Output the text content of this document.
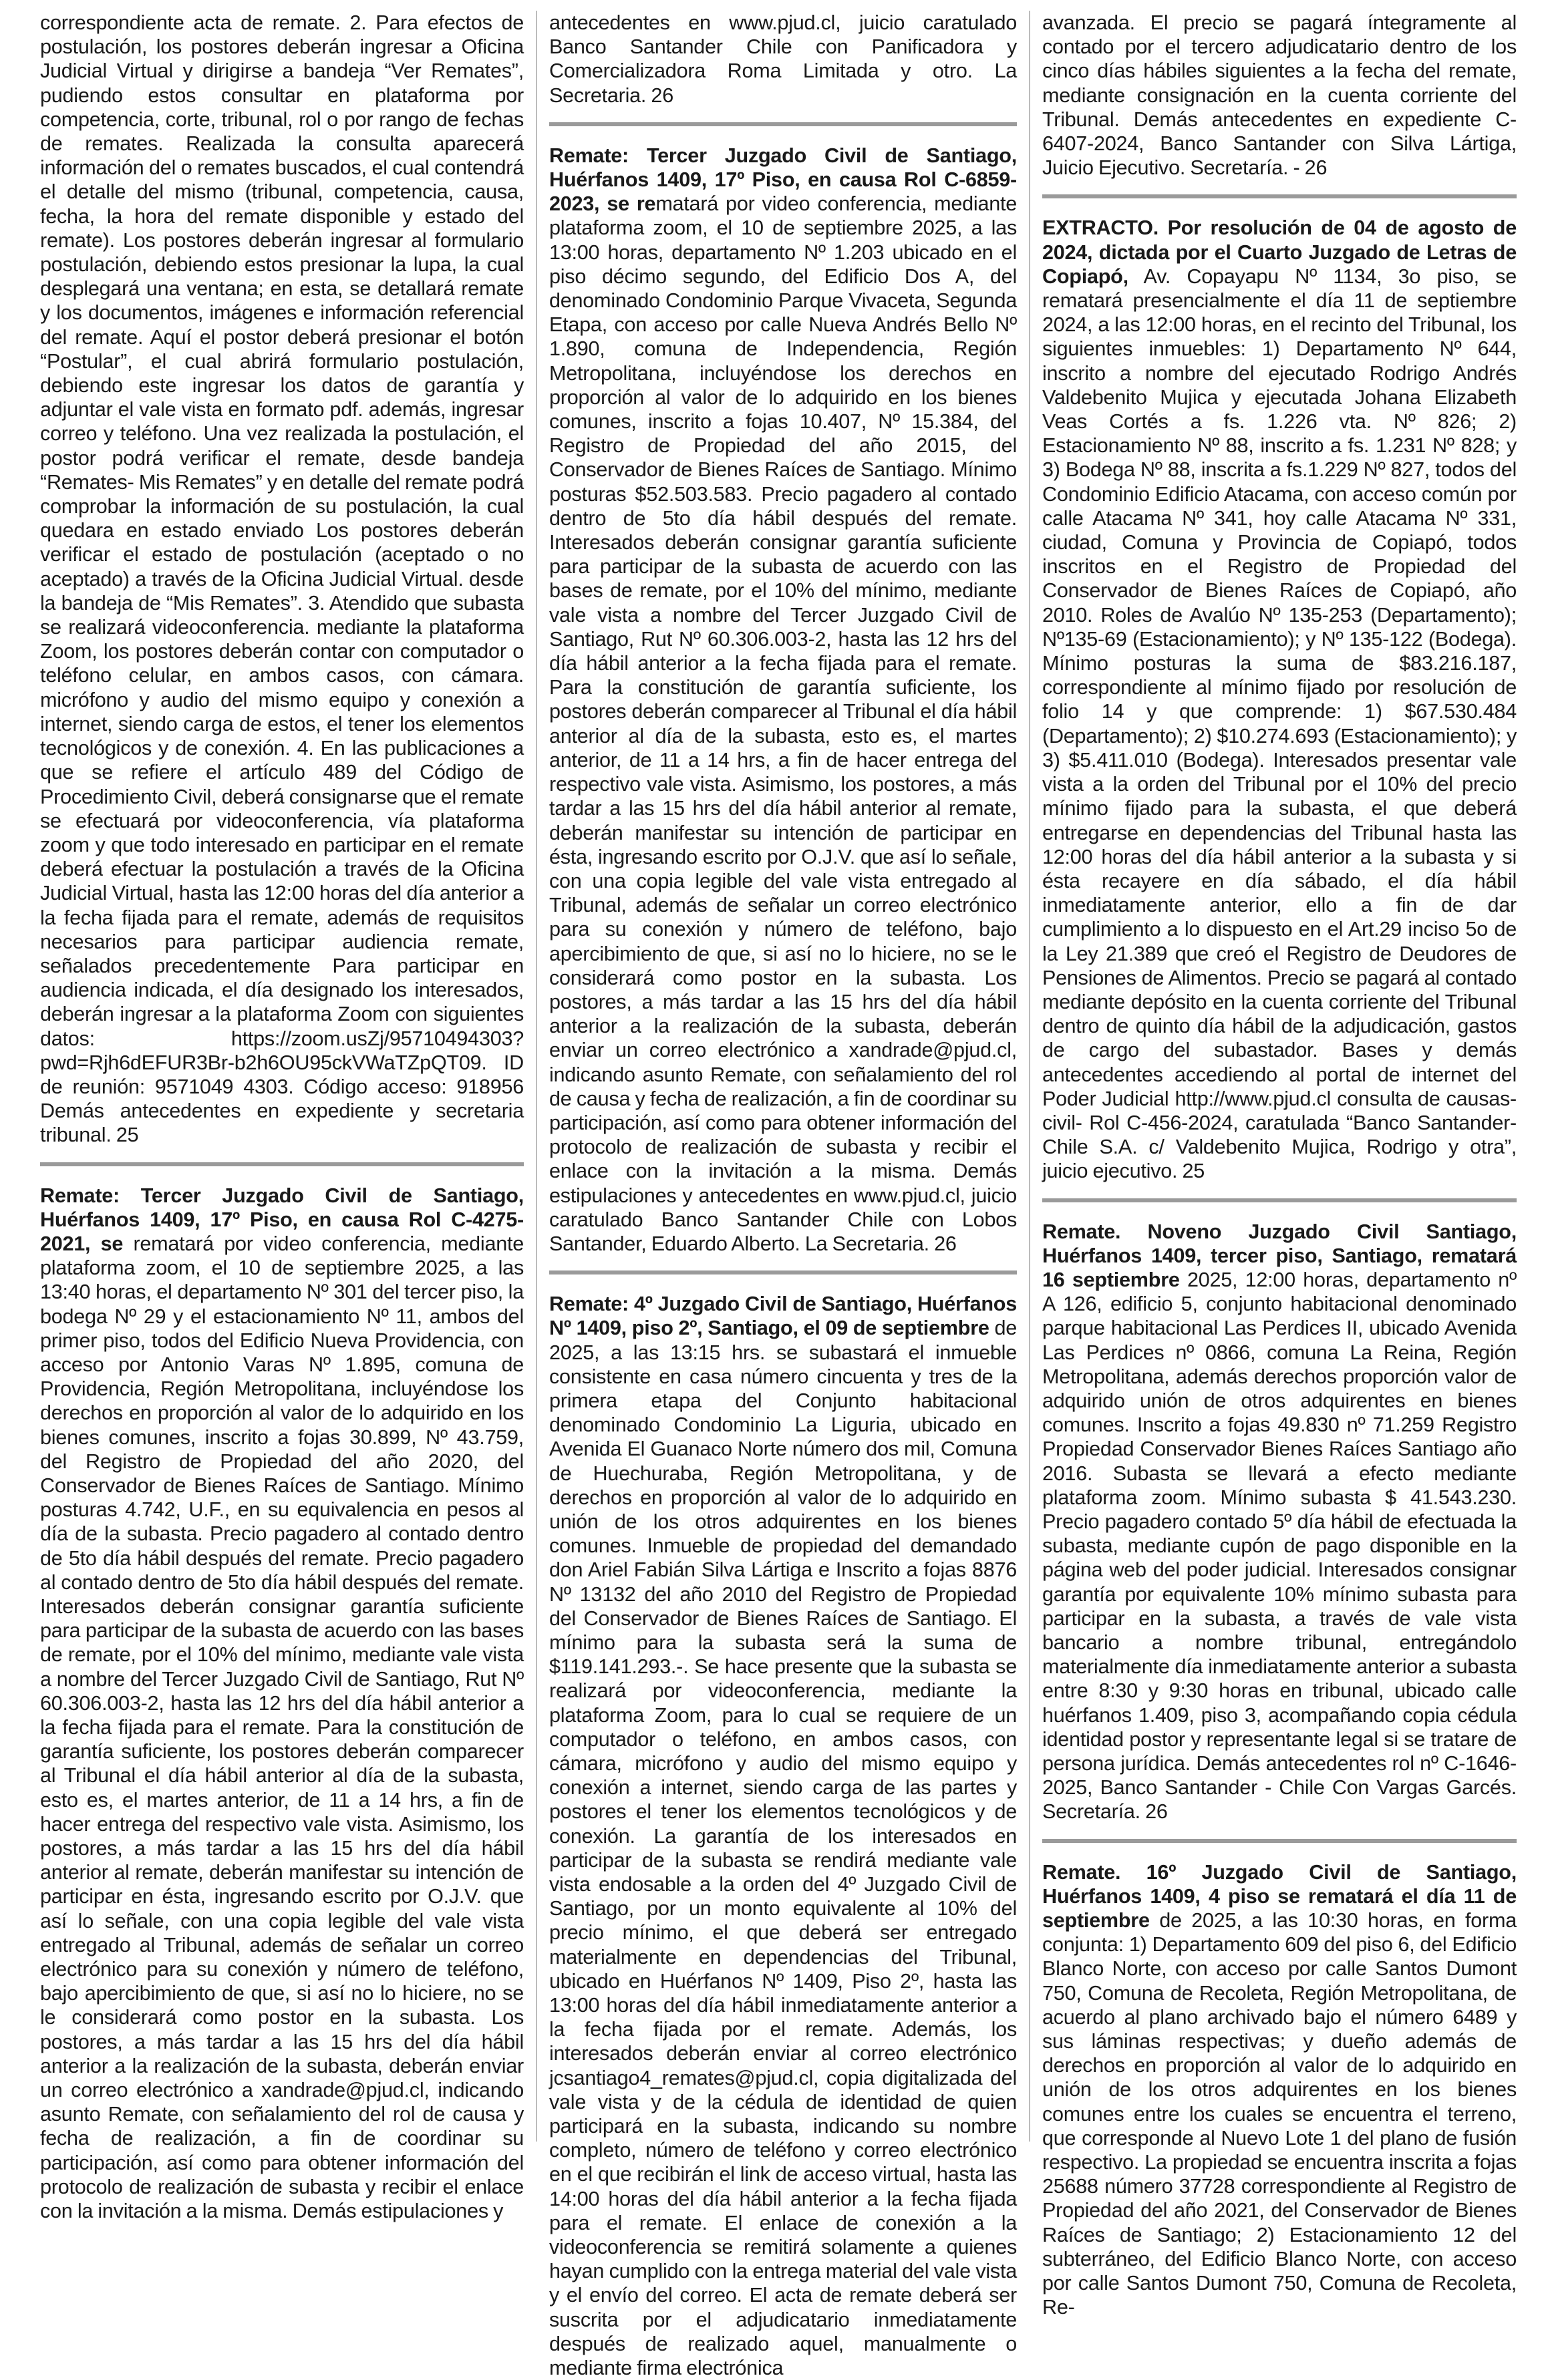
correspondiente acta de remate. 2. Para efectos de postulación, los postores deberán ingresar a Oficina Judicial Virtual y dirigirse a bandeja “Ver Remates”, pudiendo estos consultar en plataforma por competencia, corte, tribunal, rol o por rango de fechas de remates. Realizada la consulta aparecerá información del o remates buscados, el cual contendrá el detalle del mismo (tribunal, competencia, causa, fecha, la hora del remate disponible y estado del remate). Los postores deberán ingresar al formulario postulación, debiendo estos presionar la lupa, la cual desplegará una ventana; en esta, se detallará remate y los documentos, imágenes e información referencial del remate. Aquí el postor deberá presionar el botón “Postular”, el cual abrirá formulario postulación, debiendo este ingresar los datos de garantía y adjuntar el vale vista en formato pdf. además, ingresar correo y teléfono. Una vez realizada la postulación, el postor podrá verificar el remate, desde bandeja “Remates- Mis Remates” y en detalle del remate podrá comprobar la información de su postulación, la cual quedara en estado enviado Los postores deberán verificar el estado de postulación (aceptado o no aceptado) a través de la Oficina Judicial Virtual. desde la bandeja de “Mis Remates”. 3. Atendido que subasta se realizará videoconferencia. mediante la plataforma Zoom, los postores deberán contar con computador o teléfono celular, en ambos casos, con cámara. micrófono y audio del mismo equipo y conexión a internet, siendo carga de estos, el tener los elementos tecnológicos y de conexión. 4. En las publicaciones a que se refiere el artículo 489 del Código de Procedimiento Civil, deberá consignarse que el remate se efectuará por videoconferencia, vía plataforma zoom y que todo interesado en participar en el remate deberá efectuar la postulación a través de la Oficina Judicial Virtual, hasta las 12:00 horas del día anterior a la fecha fijada para el remate, además de requisitos necesarios para participar audiencia remate, señalados precedentemente Para participar en audiencia indicada, el día designado los interesados, deberán ingresar a la plataforma Zoom con siguientes datos: https://zoom.usZj/95710494303?pwd=Rjh6dEFUR3Br-b2h6OU95ckVWaTZpQT09. ID de reunión: 9571049 4303. Código acceso: 918956 Demás antecedentes en expediente y secretaria tribunal. 25

Remate: Tercer Juzgado Civil de Santiago, Huérfanos 1409, 17º Piso, en causa Rol C-4275-2021, se rematará por video conferencia, mediante plataforma zoom, el 10 de septiembre 2025, a las 13:40 horas, el departamento Nº 301 del tercer piso, la bodega Nº 29 y el estacionamiento Nº 11, ambos del primer piso, todos del Edificio Nueva Providencia, con acceso por Antonio Varas Nº 1.895, comuna de Providencia, Región Metropolitana, incluyéndose los derechos en proporción al valor de lo adquirido en los bienes comunes, inscrito a fojas 30.899, Nº 43.759, del Registro de Propiedad del año 2020, del Conservador de Bienes Raíces de Santiago. Mínimo posturas 4.742, U.F., en su equivalencia en pesos al día de la subasta. Precio pagadero al contado dentro de 5to día hábil después del remate. Precio pagadero al contado dentro de 5to día hábil después del remate. Interesados deberán consignar garantía suficiente para participar de la subasta de acuerdo con las bases de remate, por el 10% del mínimo, mediante vale vista a nombre del Tercer Juzgado Civil de Santiago, Rut Nº 60.306.003-2, hasta las 12 hrs del día hábil anterior a la fecha fijada para el remate. Para la constitución de garantía suficiente, los postores deberán comparecer al Tribunal el día hábil anterior al día de la subasta, esto es, el martes anterior, de 11 a 14 hrs, a fin de hacer entrega del respectivo vale vista. Asimismo, los postores, a más tardar a las 15 hrs del día hábil anterior al remate, deberán manifestar su intención de participar en ésta, ingresando escrito por O.J.V. que así lo señale, con una copia legible del vale vista entregado al Tribunal, además de señalar un correo electrónico para su conexión y número de teléfono, bajo apercibimiento de que, si así no lo hiciere, no se le considerará como postor en la subasta. Los postores, a más tardar a las 15 hrs del día hábil anterior a la realización de la subasta, deberán enviar un correo electrónico a xandrade@pjud.cl, indicando asunto Remate, con señalamiento del rol de causa y fecha de realización, a fin de coordinar su participación, así como para obtener información del protocolo de realización de subasta y recibir el enlace con la invitación a la misma. Demás estipulaciones y

antecedentes en www.pjud.cl, juicio caratulado Banco Santander Chile con Panificadora y Comercializadora Roma Limitada y otro. La Secretaria. 26

Remate: Tercer Juzgado Civil de Santiago, Huérfanos 1409, 17º Piso, en causa Rol C-6859-2023, se rematará por video conferencia, mediante plataforma zoom, el 10 de septiembre 2025, a las 13:00 horas, departamento Nº 1.203 ubicado en el piso décimo segundo, del Edificio Dos A, del denominado Condominio Parque Vivaceta, Segunda Etapa, con acceso por calle Nueva Andrés Bello Nº 1.890, comuna de Independencia, Región Metropolitana, incluyéndose los derechos en proporción al valor de lo adquirido en los bienes comunes, inscrito a fojas 10.407, Nº 15.384, del Registro de Propiedad del año 2015, del Conservador de Bienes Raíces de Santiago. Mínimo posturas $52.503.583. Precio pagadero al contado dentro de 5to día hábil después del remate. Interesados deberán consignar garantía suficiente para participar de la subasta de acuerdo con las bases de remate, por el 10% del mínimo, mediante vale vista a nombre del Tercer Juzgado Civil de Santiago, Rut Nº 60.306.003-2, hasta las 12 hrs del día hábil anterior a la fecha fijada para el remate. Para la constitución de garantía suficiente, los postores deberán comparecer al Tribunal el día hábil anterior al día de la subasta, esto es, el martes anterior, de 11 a 14 hrs, a fin de hacer entrega del respectivo vale vista. Asimismo, los postores, a más tardar a las 15 hrs del día hábil anterior al remate, deberán manifestar su intención de participar en ésta, ingresando escrito por O.J.V. que así lo señale, con una copia legible del vale vista entregado al Tribunal, además de señalar un correo electrónico para su conexión y número de teléfono, bajo apercibimiento de que, si así no lo hiciere, no se le considerará como postor en la subasta. Los postores, a más tardar a las 15 hrs del día hábil anterior a la realización de la subasta, deberán enviar un correo electrónico a xandrade@pjud.cl, indicando asunto Remate, con señalamiento del rol de causa y fecha de realización, a fin de coordinar su participación, así como para obtener información del protocolo de realización de subasta y recibir el enlace con la invitación a la misma. Demás estipulaciones y antecedentes en www.pjud.cl, juicio caratulado Banco Santander Chile con Lobos Santander, Eduardo Alberto. La Secretaria. 26

Remate: 4º Juzgado Civil de Santiago, Huérfanos Nº 1409, piso 2º, Santiago, el 09 de septiembre de 2025, a las 13:15 hrs. se subastará el inmueble consistente en casa número cincuenta y tres de la primera etapa del Conjunto habitacional denominado Condominio La Liguria, ubicado en Avenida El Guanaco Norte número dos mil, Comuna de Huechuraba, Región Metropolitana, y de derechos en proporción al valor de lo adquirido en unión de los otros adquirentes en los bienes comunes. Inmueble de propiedad del demandado don Ariel Fabián Silva Lártiga e Inscrito a fojas 8876 Nº 13132 del año 2010 del Registro de Propiedad del Conservador de Bienes Raíces de Santiago. El mínimo para la subasta será la suma de $119.141.293.-. Se hace presente que la subasta se realizará por videoconferencia, mediante la plataforma Zoom, para lo cual se requiere de un computador o teléfono, en ambos casos, con cámara, micrófono y audio del mismo equipo y conexión a internet, siendo carga de las partes y postores el tener los elementos tecnológicos y de conexión. La garantía de los interesados en participar de la subasta se rendirá mediante vale vista endosable a la orden del 4º Juzgado Civil de Santiago, por un monto equivalente al 10% del precio mínimo, el que deberá ser entregado materialmente en dependencias del Tribunal, ubicado en Huérfanos Nº 1409, Piso 2º, hasta las 13:00 horas del día hábil inmediatamente anterior a la fecha fijada por el remate. Además, los interesados deberán enviar al correo electrónico jcsantiago4_remates@pjud.cl, copia digitalizada del vale vista y de la cédula de identidad de quien participará en la subasta, indicando su nombre completo, número de teléfono y correo electrónico en el que recibirán el link de acceso virtual, hasta las 14:00 horas del día hábil anterior a la fecha fijada para el remate. El enlace de conexión a la videoconferencia se remitirá solamente a quienes hayan cumplido con la entrega material del vale vista y el envío del correo. El acta de remate deberá ser suscrita por el adjudicatario inmediatamente después de realizado aquel, manualmente o mediante firma electrónica

avanzada. El precio se pagará íntegramente al contado por el tercero adjudicatario dentro de los cinco días hábiles siguientes a la fecha del remate, mediante consignación en la cuenta corriente del Tribunal. Demás antecedentes en expediente C-6407-2024, Banco Santander con Silva Lártiga, Juicio Ejecutivo. Secretaría. - 26

EXTRACTO. Por resolución de 04 de agosto de 2024, dictada por el Cuarto Juzgado de Letras de Copiapó, Av. Copayapu Nº 1134, 3o piso, se rematará presencialmente el día 11 de septiembre 2024, a las 12:00 horas, en el recinto del Tribunal, los siguientes inmuebles: 1) Departamento Nº 644, inscrito a nombre del ejecutado Rodrigo Andrés Valdebenito Mujica y ejecutada Johana Elizabeth Veas Cortés a fs. 1.226 vta. Nº 826; 2) Estacionamiento Nº 88, inscrito a fs. 1.231 Nº 828; y 3) Bodega Nº 88, inscrita a fs.1.229 Nº 827, todos del Condominio Edificio Atacama, con acceso común por calle Atacama Nº 341, hoy calle Atacama Nº 331, ciudad, Comuna y Provincia de Copiapó, todos inscritos en el Registro de Propiedad del Conservador de Bienes Raíces de Copiapó, año 2010. Roles de Avalúo Nº 135-253 (Departamento); Nº135-69 (Estacionamiento); y Nº 135-122 (Bodega). Mínimo posturas la suma de $83.216.187, correspondiente al mínimo fijado por resolución de folio 14 y que comprende: 1) $67.530.484 (Departamento); 2) $10.274.693 (Estacionamiento); y 3) $5.411.010 (Bodega). Interesados presentar vale vista a la orden del Tribunal por el 10% del precio mínimo fijado para la subasta, el que deberá entregarse en dependencias del Tribunal hasta las 12:00 horas del día hábil anterior a la subasta y si ésta recayere en día sábado, el día hábil inmediatamente anterior, ello a fin de dar cumplimiento a lo dispuesto en el Art.29 inciso 5o de la Ley 21.389 que creó el Registro de Deudores de Pensiones de Alimentos. Precio se pagará al contado mediante depósito en la cuenta corriente del Tribunal dentro de quinto día hábil de la adjudicación, gastos de cargo del subastador. Bases y demás antecedentes accediendo al portal de internet del Poder Judicial http://www.pjud.cl consulta de causas-civil- Rol C-456-2024, caratulada “Banco Santander-Chile S.A. c/ Valdebenito Mujica, Rodrigo y otra”, juicio ejecutivo. 25

Remate. Noveno Juzgado Civil Santiago, Huérfanos 1409, tercer piso, Santiago, rematará 16 septiembre 2025, 12:00 horas, departamento nº A 126, edificio 5, conjunto habitacional denominado parque habitacional Las Perdices II, ubicado Avenida Las Perdices nº 0866, comuna La Reina, Región Metropolitana, además derechos proporción valor de adquirido unión de otros adquirentes en bienes comunes. Inscrito a fojas 49.830 nº 71.259 Registro Propiedad Conservador Bienes Raíces Santiago año 2016. Subasta se llevará a efecto mediante plataforma zoom. Mínimo subasta $ 41.543.230. Precio pagadero contado 5º día hábil de efectuada la subasta, mediante cupón de pago disponible en la página web del poder judicial. Interesados consignar garantía por equivalente 10% mínimo subasta para participar en la subasta, a través de vale vista bancario a nombre tribunal, entregándolo materialmente día inmediatamente anterior a subasta entre 8:30 y 9:30 horas en tribunal, ubicado calle huérfanos 1.409, piso 3, acompañando copia cédula identidad postor y representante legal si se tratare de persona jurídica. Demás antecedentes rol nº C-1646-2025, Banco Santander - Chile Con Vargas Garcés. Secretaría. 26

Remate. 16º Juzgado Civil de Santiago, Huérfanos 1409, 4 piso se rematará el día 11 de septiembre de 2025, a las 10:30 horas, en forma conjunta: 1) Departamento 609 del piso 6, del Edificio Blanco Norte, con acceso por calle Santos Dumont 750, Comuna de Recoleta, Región Metropolitana, de acuerdo al plano archivado bajo el número 6489 y sus láminas respectivas; y dueño además de derechos en proporción al valor de lo adquirido en unión de los otros adquirentes en los bienes comunes entre los cuales se encuentra el terreno, que corresponde al Nuevo Lote 1 del plano de fusión respectivo. La propiedad se encuentra inscrita a fojas 25688 número 37728 correspondiente al Registro de Propiedad del año 2021, del Conservador de Bienes Raíces de Santiago; 2) Estacionamiento 12 del subterráneo, del Edificio Blanco Norte, con acceso por calle Santos Dumont 750, Comuna de Recoleta, Re-
